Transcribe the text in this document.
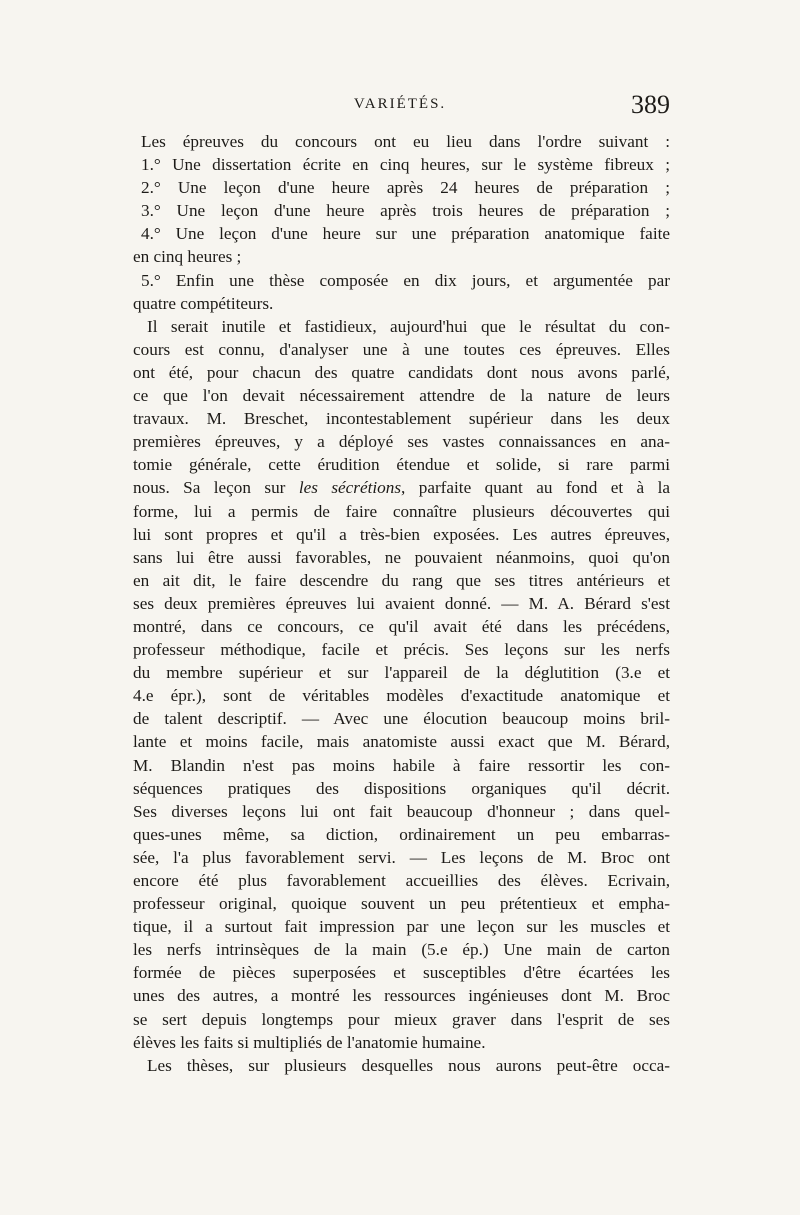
VARIÉTÉS.	389
Les épreuves du concours ont eu lieu dans l'ordre suivant :
1.° Une dissertation écrite en cinq heures, sur le système fibreux ;
2.° Une leçon d'une heure après 24 heures de préparation ;
3.° Une leçon d'une heure après trois heures de préparation ;
4.° Une leçon d'une heure sur une préparation anatomique faite
en cinq heures ;
5.° Enfin une thèse composée en dix jours, et argumentée par
quatre compétiteurs.
Il serait inutile et fastidieux, aujourd'hui que le résultat du con-
cours est connu, d'analyser une à une toutes ces épreuves. Elles
ont été, pour chacun des quatre candidats dont nous avons parlé,
ce que l'on devait nécessairement attendre de la nature de leurs
travaux. M. Breschet, incontestablement supérieur dans les deux
premières épreuves, y a déployé ses vastes connaissances en ana-
tomie générale, cette érudition étendue et solide, si rare parmi
nous. Sa leçon sur les sécrétions, parfaite quant au fond et à la
forme, lui a permis de faire connaître plusieurs découvertes qui
lui sont propres et qu'il a très-bien exposées. Les autres épreuves,
sans lui être aussi favorables, ne pouvaient néanmoins, quoi qu'on
en ait dit, le faire descendre du rang que ses titres antérieurs et
ses deux premières épreuves lui avaient donné. — M. A. Bérard s'est
montré, dans ce concours, ce qu'il avait été dans les précédens,
professeur méthodique, facile et précis. Ses leçons sur les nerfs
du membre supérieur et sur l'appareil de la déglutition (3.e et
4.e épr.), sont de véritables modèles d'exactitude anatomique et
de talent descriptif. — Avec une élocution beaucoup moins bril-
lante et moins facile, mais anatomiste aussi exact que M. Bérard,
M. Blandin n'est pas moins habile à faire ressortir les con-
séquences pratiques des dispositions organiques qu'il décrit.
Ses diverses leçons lui ont fait beaucoup d'honneur ; dans quel-
ques-unes même, sa diction, ordinairement un peu embarras-
sée, l'a plus favorablement servi. — Les leçons de M. Broc ont
encore été plus favorablement accueillies des élèves. Ecrivain,
professeur original, quoique souvent un peu prétentieux et empha-
tique, il a surtout fait impression par une leçon sur les muscles et
les nerfs intrinsèques de la main (5.e ép.) Une main de carton
formée de pièces superposées et susceptibles d'être écartées les
unes des autres, a montré les ressources ingénieuses dont M. Broc
se sert depuis longtemps pour mieux graver dans l'esprit de ses
élèves les faits si multipliés de l'anatomie humaine.
Les thèses, sur plusieurs desquelles nous aurons peut-être occa-
